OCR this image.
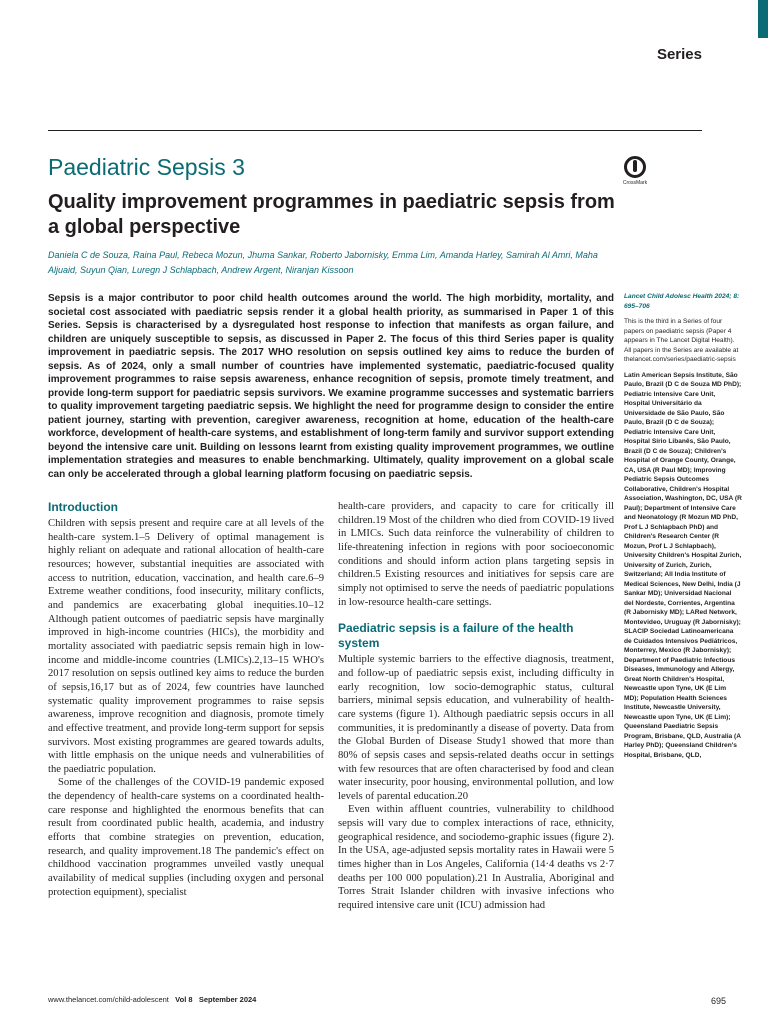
Series
Paediatric Sepsis 3
CrossMark
Quality improvement programmes in paediatric sepsis from a global perspective
Daniela C de Souza, Raina Paul, Rebeca Mozun, Jhuma Sankar, Roberto Jabornisky, Emma Lim, Amanda Harley, Samirah Al Amri, Maha Aljuaid, Suyun Qian, Luregn J Schlapbach, Andrew Argent, Niranjan Kissoon
Sepsis is a major contributor to poor child health outcomes around the world. The high morbidity, mortality, and societal cost associated with paediatric sepsis render it a global health priority, as summarised in Paper 1 of this Series. Sepsis is characterised by a dysregulated host response to infection that manifests as organ failure, and children are uniquely susceptible to sepsis, as discussed in Paper 2. The focus of this third Series paper is quality improvement in paediatric sepsis. The 2017 WHO resolution on sepsis outlined key aims to reduce the burden of sepsis. As of 2024, only a small number of countries have implemented systematic, paediatric-focused quality improvement programmes to raise sepsis awareness, enhance recognition of sepsis, promote timely treatment, and provide long-term support for paediatric sepsis survivors. We examine programme successes and systematic barriers to quality improvement targeting paediatric sepsis. We highlight the need for programme design to consider the entire patient journey, starting with prevention, caregiver awareness, recognition at home, education of the health-care workforce, development of health-care systems, and establishment of long-term family and survivor support extending beyond the intensive care unit. Building on lessons learnt from existing quality improvement programmes, we outline implementation strategies and measures to enable benchmarking. Ultimately, quality improvement on a global scale can only be accelerated through a global learning platform focusing on paediatric sepsis.
Introduction

Children with sepsis present and require care at all levels of the health-care system.1–5 Delivery of optimal management is highly reliant on adequate and rational allocation of health-care resources; however, substantial inequities are associated with access to nutrition, education, vaccination, and health care.6–9 Extreme weather conditions, food insecurity, military conflicts, and pandemics are exacerbating global inequities.10–12 Although patient outcomes of paediatric sepsis have marginally improved in high-income countries (HICs), the morbidity and mortality associated with paediatric sepsis remain high in low-income and middle-income countries (LMICs).2,13–15 WHO's 2017 resolution on sepsis outlined key aims to reduce the burden of sepsis,16,17 but as of 2024, few countries have launched systematic quality improvement programmes to raise sepsis awareness, improve recognition and diagnosis, promote timely and effective treatment, and provide long-term support for sepsis survivors. Most existing programmes are geared towards adults, with little emphasis on the unique needs and vulnerabilities of the paediatric population.

Some of the challenges of the COVID-19 pandemic exposed the dependency of health-care systems on a coordinated health-care response and highlighted the enormous benefits that can result from coordinated public health, academia, and industry efforts that combine strategies on prevention, education, research, and quality improvement.18 The pandemic's effect on childhood vaccination programmes unveiled vastly unequal availability of medical supplies (including oxygen and personal protection equipment), specialist

health-care providers, and capacity to care for critically ill children.19 Most of the children who died from COVID-19 lived in LMICs. Such data reinforce the vulnerability of children to life-threatening infection in regions with poor socioeconomic conditions and should inform action plans targeting sepsis in children.5 Existing resources and initiatives for sepsis care are simply not optimised to serve the needs of paediatric populations in low-resource health-care settings.

Paediatric sepsis is a failure of the health system

Multiple systemic barriers to the effective diagnosis, treatment, and follow-up of paediatric sepsis exist, including difficulty in early recognition, low socio-demographic status, cultural barriers, minimal sepsis education, and vulnerability of health-care systems (figure 1). Although paediatric sepsis occurs in all communities, it is predominantly a disease of poverty. Data from the Global Burden of Disease Study1 showed that more than 80% of sepsis cases and sepsis-related deaths occur in settings with few resources that are often characterised by food and clean water insecurity, poor housing, environmental pollution, and low levels of parental education.20

Even within affluent countries, vulnerability to childhood sepsis will vary due to complex interactions of race, ethnicity, geographical residence, and sociodemo-graphic issues (figure 2). In the USA, age-adjusted sepsis mortality rates in Hawaii were 5 times higher than in Los Angeles, California (14·4 deaths vs 2·7 deaths per 100 000 population).21 In Australia, Aboriginal and Torres Strait Islander children with invasive infections who required intensive care unit (ICU) admission had

Lancet Child Adolesc Health 2024; 8: 695–706
This is the third in a Series of four papers on paediatric sepsis (Paper 4 appears in The Lancet Digital Health). All papers in the Series are available at thelancet.com/series/paediatric-sepsis
Latin American Sepsis Institute, São Paulo, Brazil (D C de Souza MD PhD); Pediatric Intensive Care Unit, Hospital Universitário da Universidade de São Paulo, São Paulo, Brazil (D C de Souza); Pediatric Intensive Care Unit, Hospital Sírio Libanês, São Paulo, Brazil (D C de Souza); Children's Hospital of Orange County, Orange, CA, USA (R Paul MD); Improving Pediatric Sepsis Outcomes Collaborative, Children's Hospital Association, Washington, DC, USA (R Paul); Department of Intensive Care and Neonatology (R Mozun MD PhD, Prof L J Schlapbach PhD) and Children's Research Center (R Mozun, Prof L J Schlapbach), University Children's Hospital Zurich, University of Zurich, Zurich, Switzerland; All India Institute of Medical Sciences, New Delhi, India (J Sankar MD); Universidad Nacional del Nordeste, Corrientes, Argentina (R Jabornisky MD); LARed Network, Montevideo, Uruguay (R Jabornisky); SLACIP Sociedad Latinoamericana de Cuidados Intensivos Pediátricos, Monterrey, Mexico (R Jabornisky); Department of Paediatric Infectious Diseases, Immunology and Allergy, Great North Children's Hospital, Newcastle upon Tyne, UK (E Lim MD); Population Health Sciences Institute, Newcastle University, Newcastle upon Tyne, UK (E Lim); Queensland Paediatric Sepsis Program, Brisbane, QLD, Australia (A Harley PhD); Queensland Children's Hospital, Brisbane, QLD,
www.thelancet.com/child-adolescent Vol 8 September 2024	695
